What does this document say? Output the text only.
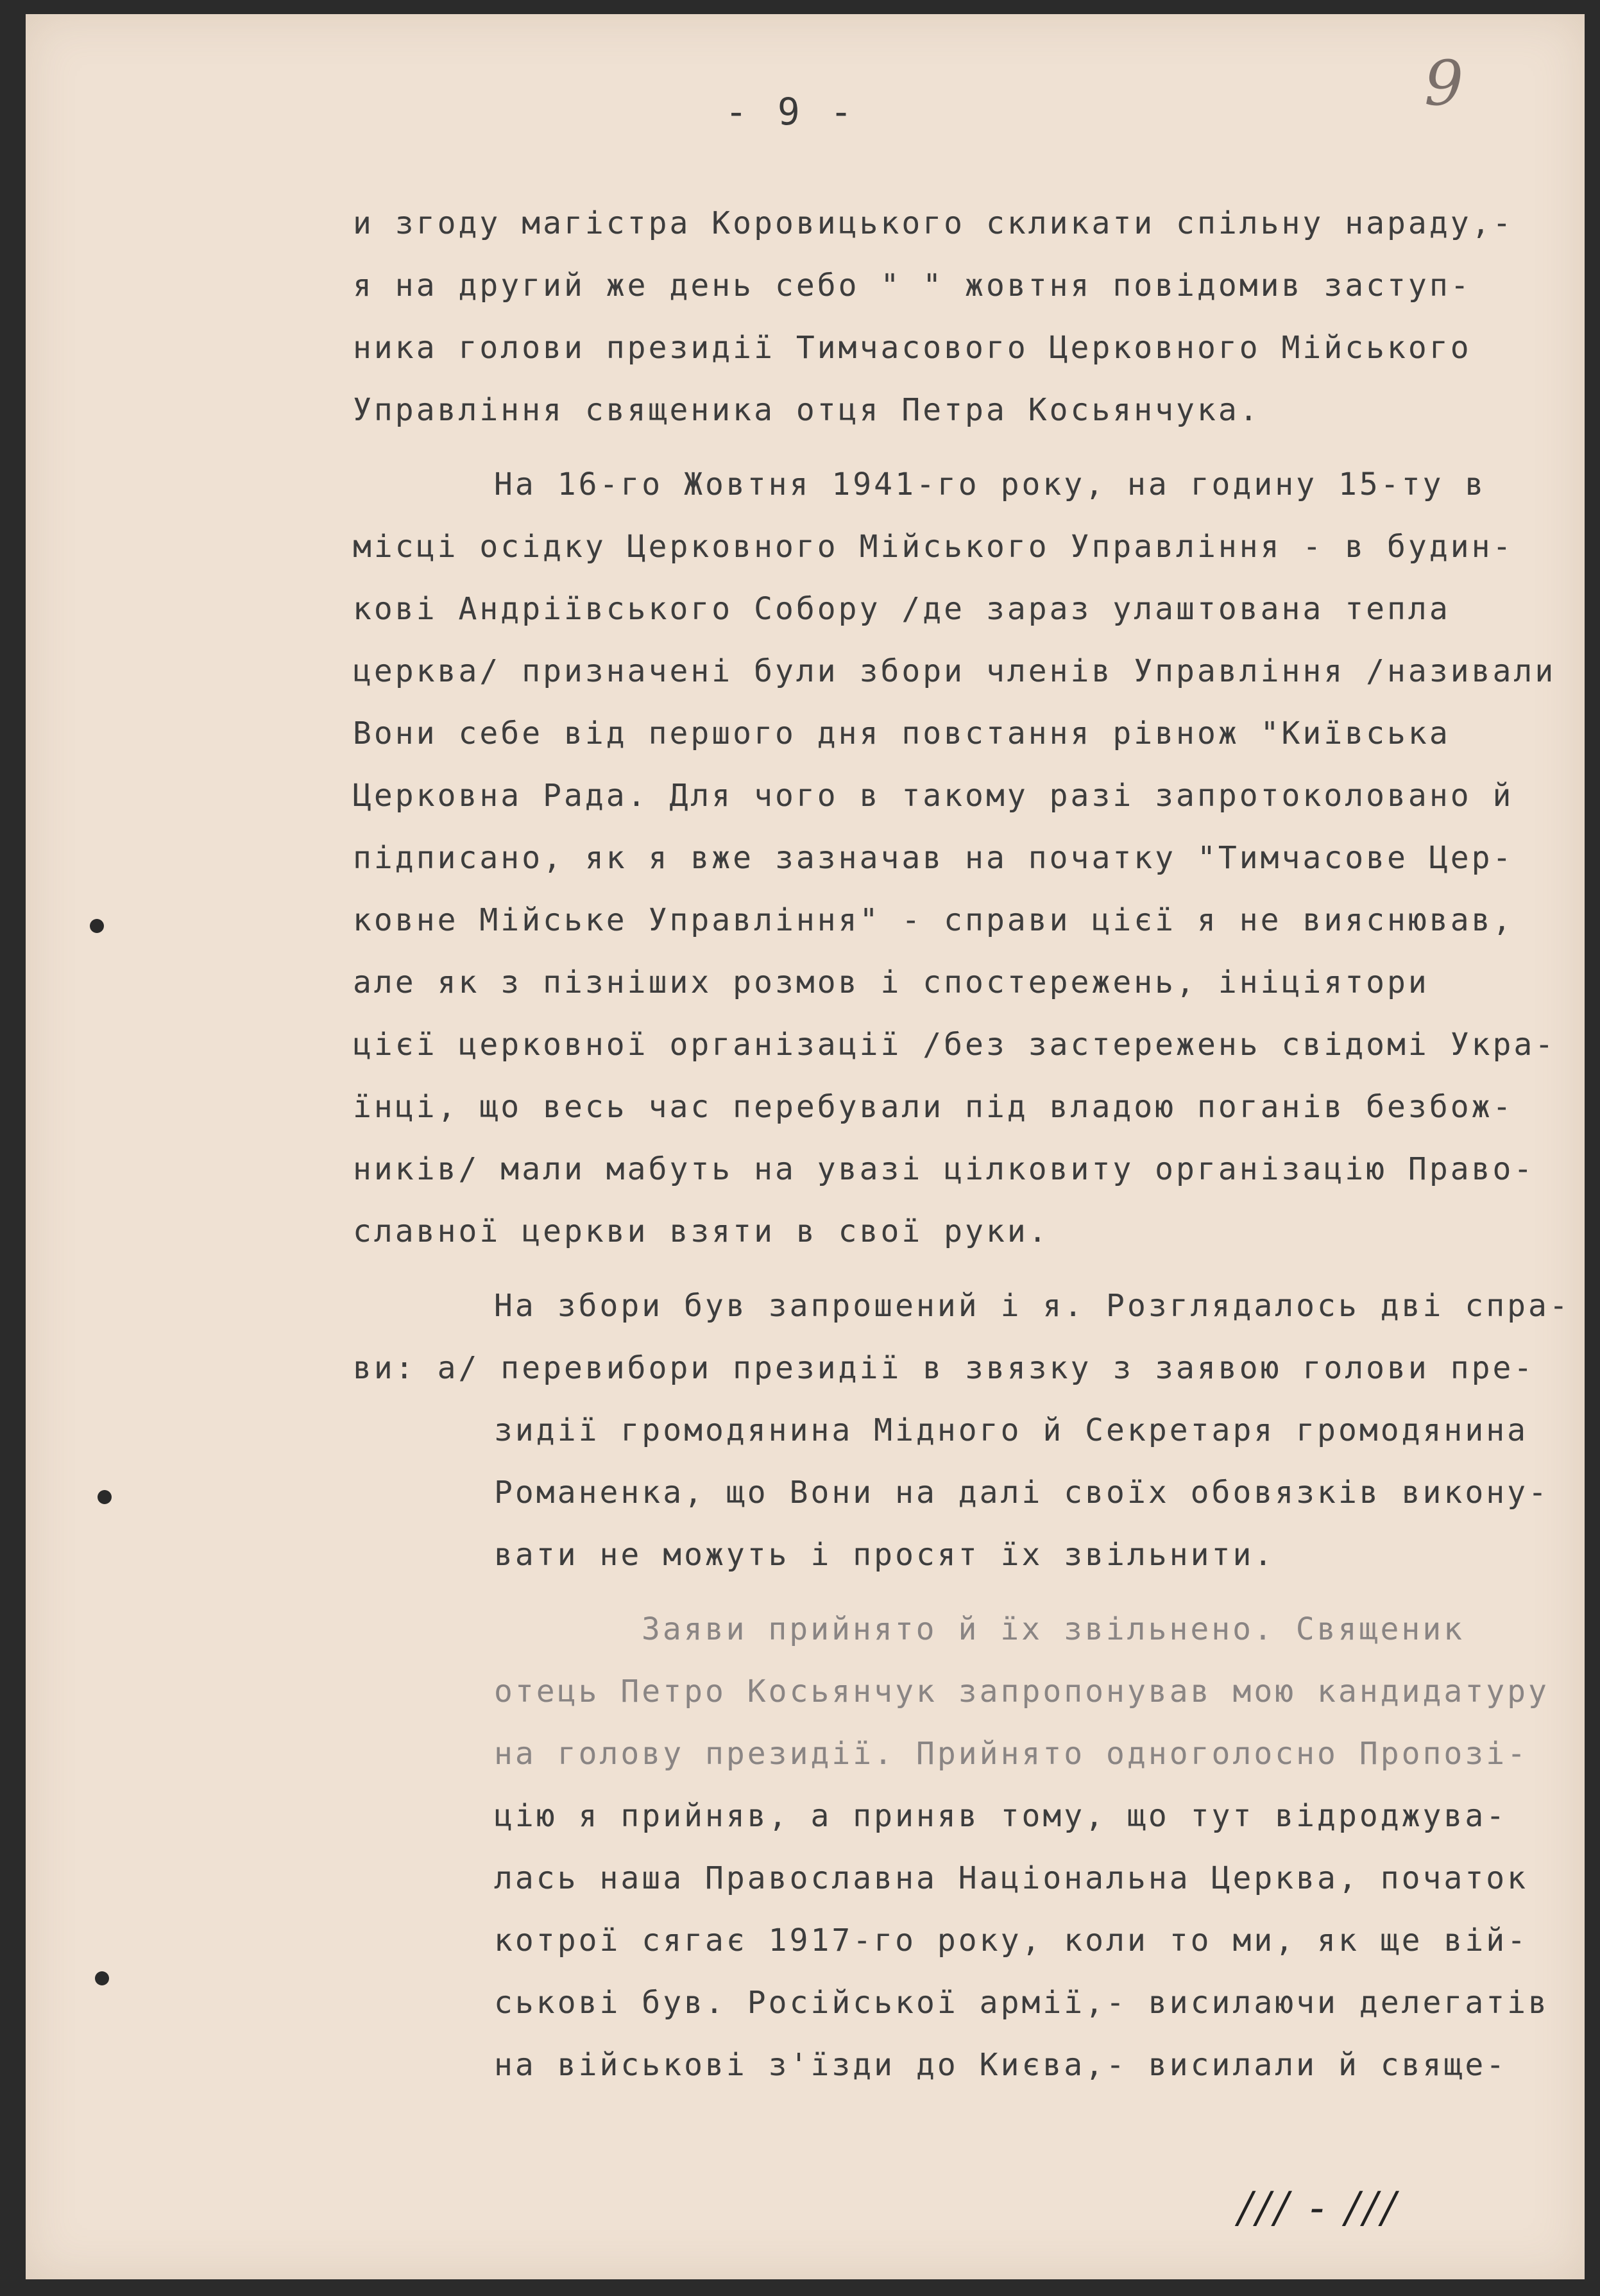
- 9 -	9
и згоду магістра Коровицького скликати спільну нараду,-
я на другий же день себо " " жовтня повідомив заступ-
ника голови президії Тимчасового Церковного Мійського
Управління священика отця Петра Косьянчука.
На 16-го Жовтня 1941-го року, на годину 15-ту в
місці осідку Церковного Мійського Управління - в будин-
кові Андріївського Собору /де зараз улаштована тепла
церква/ призначені були збори членів Управління /називали
Вони себе від першого дня повстання рівнож "Київська
Церковна Рада. Для чого в такому разі запротоколовано й
підписано, як я вже зазначав на початку "Тимчасове Цер-
ковне Мійське Управління" - справи цієї я не вияснював,
але як з пізніших розмов і спостережень, ініціятори
цієї церковної організації /без застережень свідомі Укра-
їнці, що весь час перебували під владою поганів безбож-
ників/ мали мабуть на увазі цілковиту організацію Право-
славної церкви взяти в свої руки.
На збори був запрошений і я. Розглядалось дві спра-
ви: а/ перевибори президії в звязку з заявою голови пре-
зидії громодянина Мідного й Секретаря громодянина
Романенка, що Вони на далі своїх обовязків викону-
вати не можуть і просят їх звільнити.
Заяви прийнято й їх звільнено. Священик
отець Петро Косьянчук запропонував мою кандидатуру
на голову президії. Прийнято одноголосно Пропозі-
цію я прийняв, а приняв тому, що тут відроджува-
лась наша Православна Національна Церква, початок
котрої сягає 1917-го року, коли то ми, як ще вій-
ськові був. Російської армії,- висилаючи делегатів
на військові з'їзди до Києва,- висилали й свяще-
/// - ///
